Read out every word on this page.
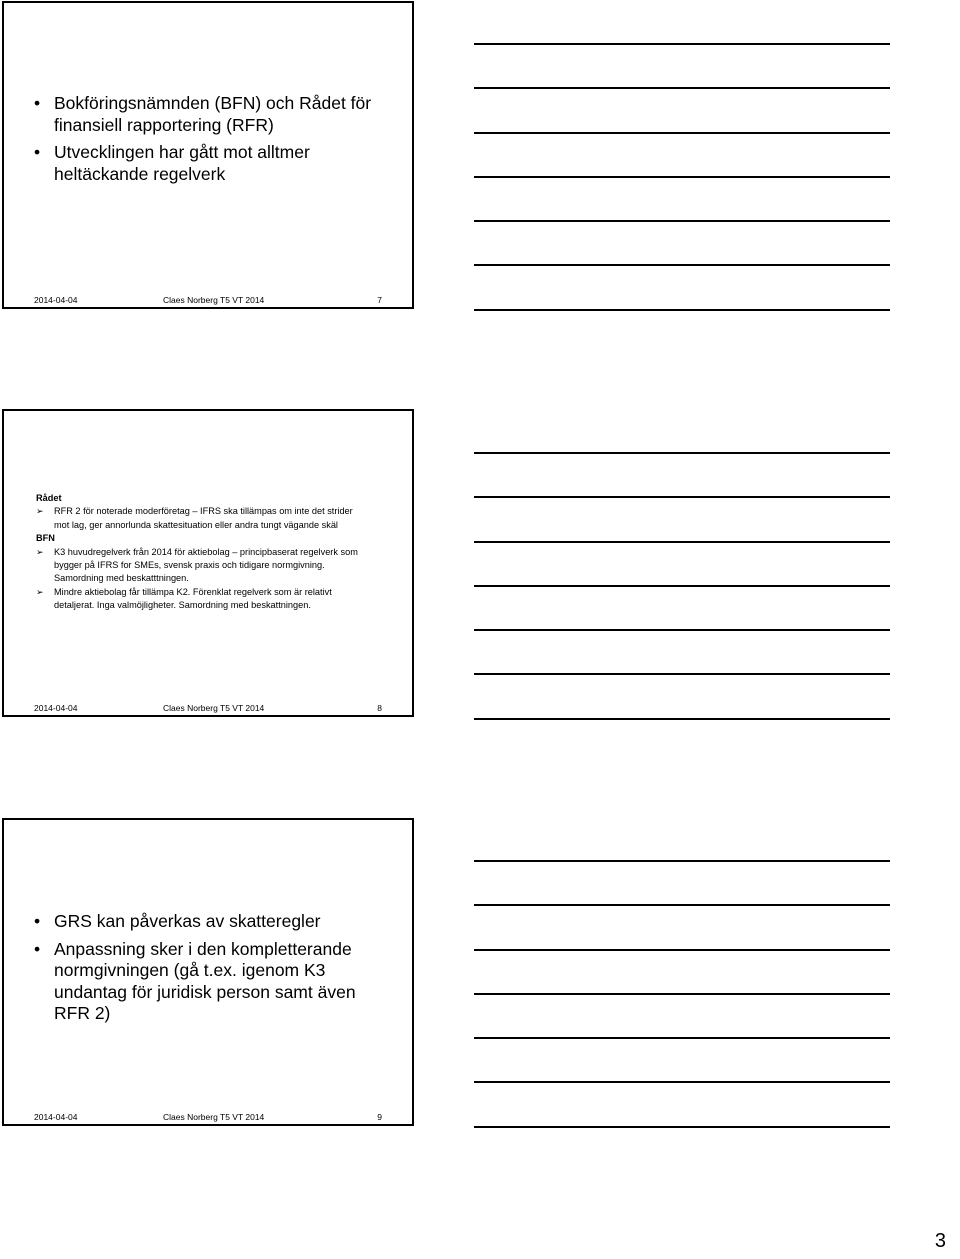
• Bokföringsnämnden (BFN) och Rådet för finansiell rapportering (RFR)
• Utvecklingen har gått mot alltmer heltäckande regelverk
2014-04-04	Claes Norberg T5 VT 2014	7
Rådet
➢ RFR 2 för noterade moderföretag – IFRS ska tillämpas om inte det strider mot lag, ger annorlunda skattesituation eller andra tungt vägande skäl
BFN
➢ K3 huvudregelverk från 2014 för aktiebolag – principbaserat regelverk som bygger på IFRS for SMEs, svensk praxis och tidigare normgivning. Samordning med beskatttningen.
➢ Mindre aktiebolag får tillämpa K2. Förenklat regelverk som är relativt detaljerat. Inga valmöjligheter. Samordning med beskattningen.
2014-04-04	Claes Norberg T5 VT 2014	8
• GRS kan påverkas av skatteregler
• Anpassning sker i den kompletterande normgivningen (gå t.ex. igenom K3 undantag för juridisk person samt även RFR 2)
2014-04-04	Claes Norberg T5 VT 2014	9
3
